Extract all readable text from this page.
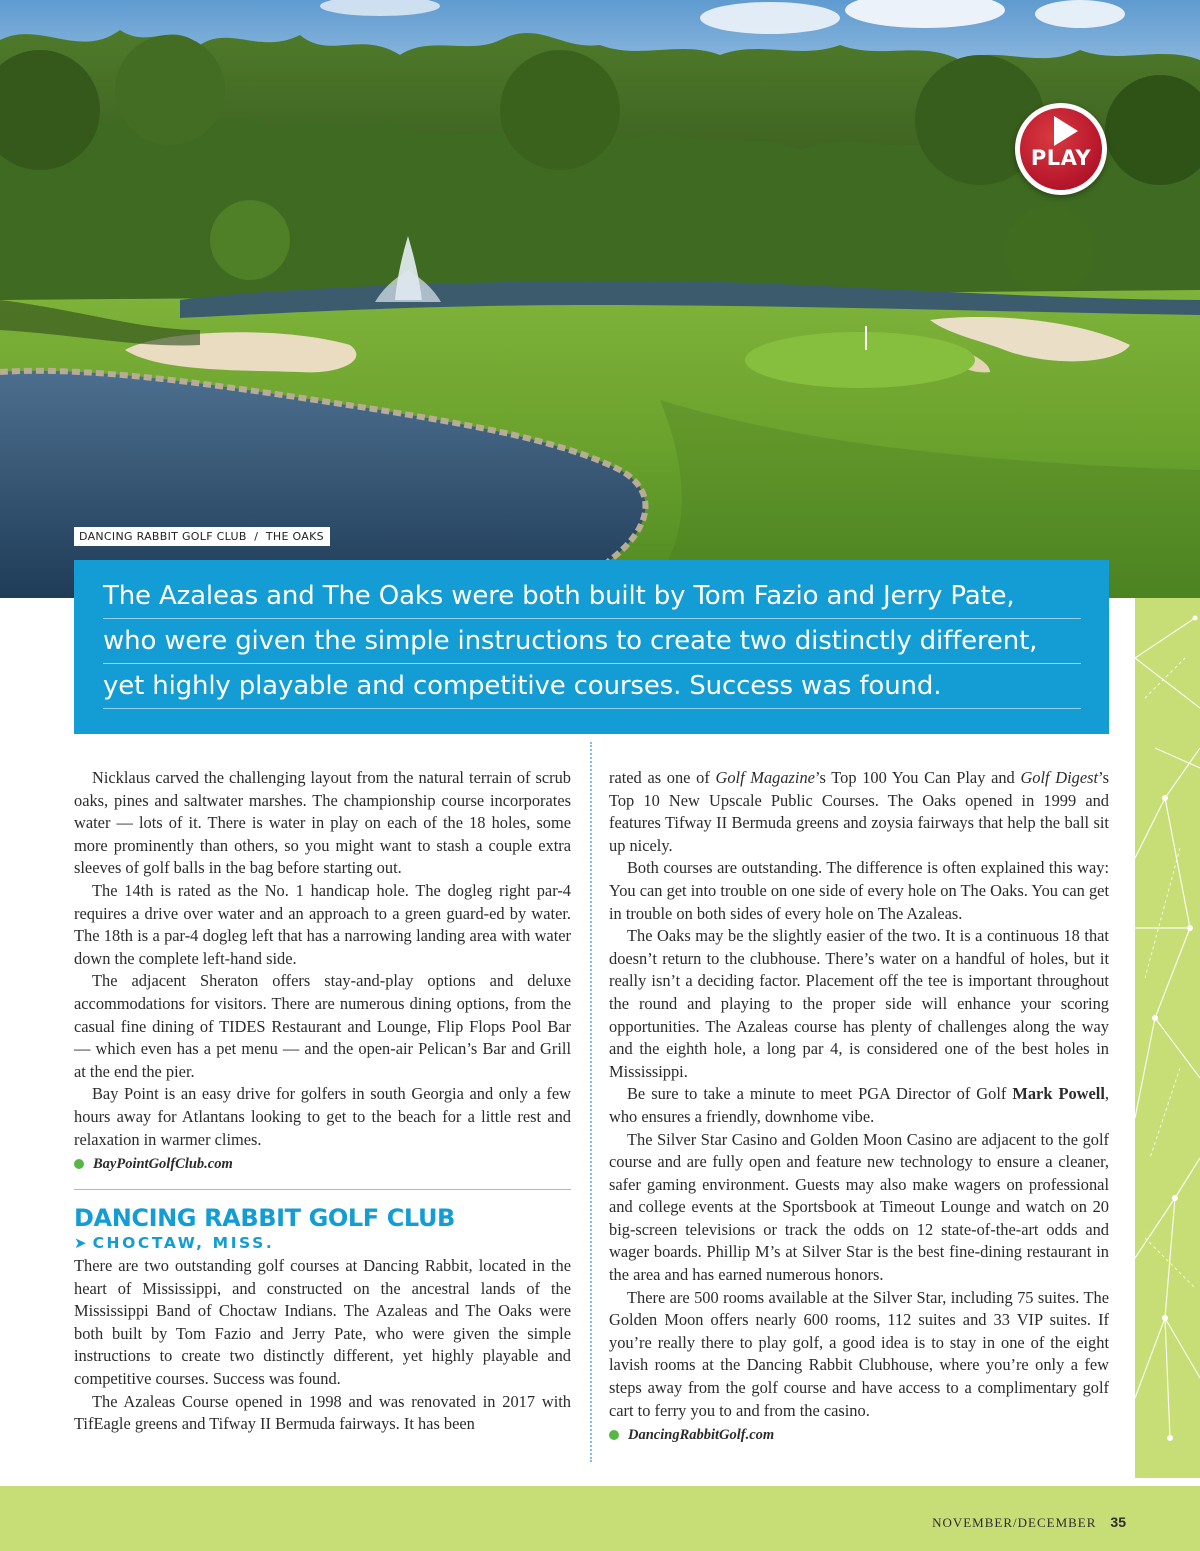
PLAY
DANCING RABBIT GOLF CLUB  /  THE OAKS
NOVEMBER/DECEMBER 35
The Azaleas and The Oaks were both built by Tom Fazio and Jerry Pate,
who were given the simple instructions to create two distinctly different,
yet highly playable and competitive courses. Success was found.

Nicklaus carved the challenging layout from the natural terrain of scrub oaks, pines and saltwater marshes. The championship course incorporates water — lots of it. There is water in play on each of the 18 holes, some more prominently than others, so you might want to stash a couple extra sleeves of golf balls in the bag before starting out.

The 14th is rated as the No. 1 handicap hole. The dogleg right par-4 requires a drive over water and an approach to a green guard-ed by water. The 18th is a par-4 dogleg left that has a narrowing landing area with water down the complete left-hand side.

The adjacent Sheraton offers stay-and-play options and deluxe accommodations for visitors. There are numerous dining options, from the casual fine dining of TIDES Restaurant and Lounge, Flip Flops Pool Bar — which even has a pet menu — and the open-air Pelican’s Bar and Grill at the end the pier.

Bay Point is an easy drive for golfers in south Georgia and only a few hours away for Atlantans looking to get to the beach for a little rest and relaxation in warmer climes.

BayPointGolfClub.com
DANCING RABBIT GOLF CLUB
➤ CHOCTAW, MISS.

There are two outstanding golf courses at Dancing Rabbit, located in the heart of Mississippi, and constructed on the ancestral lands of the Mississippi Band of Choctaw Indians. The Azaleas and The Oaks were both built by Tom Fazio and Jerry Pate, who were given the simple instructions to create two distinctly different, yet highly playable and competitive courses. Success was found.

The Azaleas Course opened in 1998 and was renovated in 2017 with TifEagle greens and Tifway II Bermuda fairways. It has been

rated as one of Golf Magazine’s Top 100 You Can Play and Golf Digest’s Top 10 New Upscale Public Courses. The Oaks opened in 1999 and features Tifway II Bermuda greens and zoysia fairways that help the ball sit up nicely.

Both courses are outstanding. The difference is often explained this way: You can get into trouble on one side of every hole on The Oaks. You can get in trouble on both sides of every hole on The Azaleas.

The Oaks may be the slightly easier of the two. It is a continuous 18 that doesn’t return to the clubhouse. There’s water on a handful of holes, but it really isn’t a deciding factor. Placement off the tee is important throughout the round and playing to the proper side will enhance your scoring opportunities. The Azaleas course has plenty of challenges along the way and the eighth hole, a long par 4, is considered one of the best holes in Mississippi.

Be sure to take a minute to meet PGA Director of Golf Mark Powell, who ensures a friendly, downhome vibe.

The Silver Star Casino and Golden Moon Casino are adjacent to the golf course and are fully open and feature new technology to ensure a cleaner, safer gaming environment. Guests may also make wagers on professional and college events at the Sportsbook at Timeout Lounge and watch on 20 big-screen televisions or track the odds on 12 state-of-the-art odds and wager boards. Phillip M’s at Silver Star is the best fine-dining restaurant in the area and has earned numerous honors.

There are 500 rooms available at the Silver Star, including 75 suites. The Golden Moon offers nearly 600 rooms, 112 suites and 33 VIP suites. If you’re really there to play golf, a good idea is to stay in one of the eight lavish rooms at the Dancing Rabbit Clubhouse, where you’re only a few steps away from the golf course and have access to a complimentary golf cart to ferry you to and from the casino.

DancingRabbitGolf.com
